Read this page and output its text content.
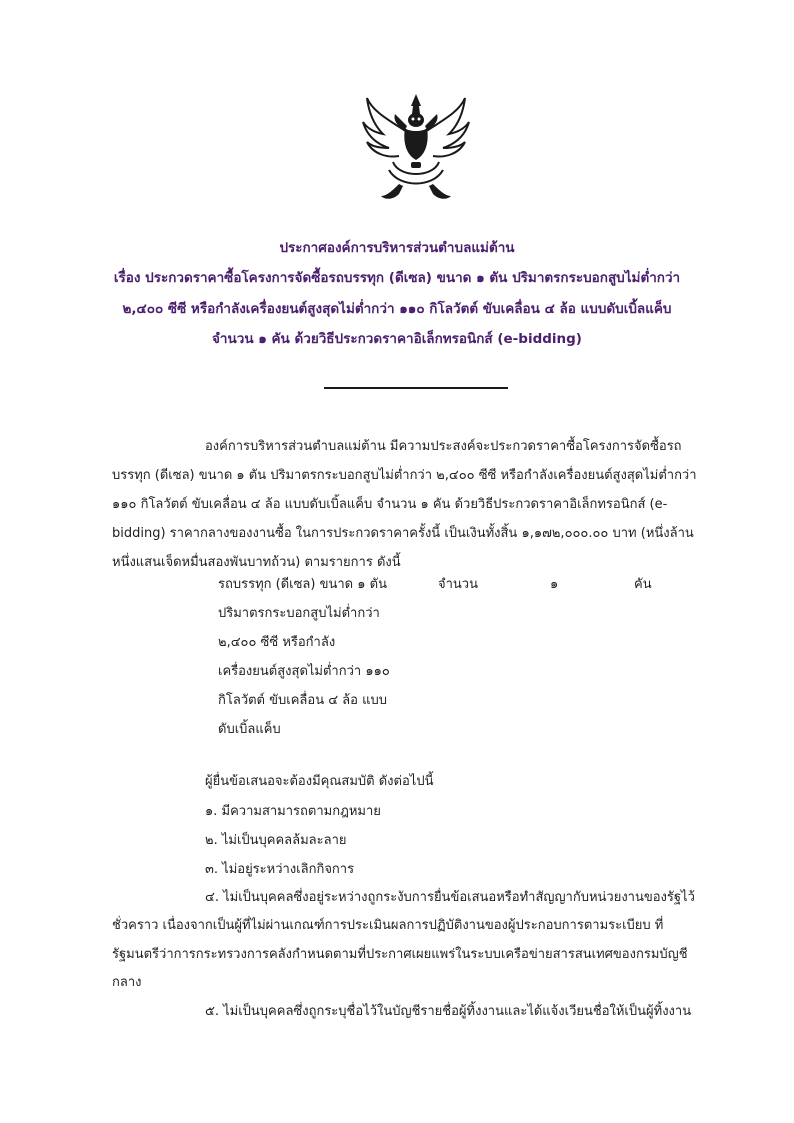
ประกาศองค์การบริหารส่วนตำบลแม่ต้าน
เรื่อง ประกวดราคาซื้อโครงการจัดซื้อรถบรรทุก (ดีเซล) ขนาด ๑ ตัน ปริมาตรกระบอกสูบไม่ต่ำกว่า
๒,๔๐๐ ซีซี หรือกำลังเครื่องยนต์สูงสุดไม่ต่ำกว่า ๑๑๐ กิโลวัตต์ ขับเคลื่อน ๔ ล้อ แบบดับเบิ้ลแค็บ
จำนวน ๑ คัน ด้วยวิธีประกวดราคาอิเล็กทรอนิกส์ (e-bidding)
องค์การบริหารส่วนตำบลแม่ต้าน มีความประสงค์จะประกวดราคาซื้อโครงการจัดซื้อรถ
บรรทุก (ดีเซล) ขนาด ๑ ตัน ปริมาตรกระบอกสูบไม่ต่ำกว่า ๒,๔๐๐ ซีซี หรือกำลังเครื่องยนต์สูงสุดไม่ต่ำกว่า
๑๑๐ กิโลวัตต์ ขับเคลื่อน ๔ ล้อ แบบดับเบิ้ลแค็บ จำนวน ๑ คัน ด้วยวิธีประกวดราคาอิเล็กทรอนิกส์ (e-
bidding) ราคากลางของงานซื้อ ในการประกวดราคาครั้งนี้ เป็นเงินทั้งสิ้น ๑,๑๗๒,๐๐๐.๐๐ บาท (หนึ่งล้าน
หนึ่งแสนเจ็ดหมื่นสองพันบาทถ้วน) ตามรายการ ดังนี้
รถบรรทุก (ดีเซล) ขนาด ๑ ตัน
ปริมาตรกระบอกสูบไม่ต่ำกว่า
๒,๔๐๐ ซีซี หรือกำลัง
เครื่องยนต์สูงสุดไม่ต่ำกว่า ๑๑๐
กิโลวัตต์ ขับเคลื่อน ๔ ล้อ แบบ
ดับเบิ้ลแค็บ
จำนวน	๑	คัน
ผู้ยื่นข้อเสนอจะต้องมีคุณสมบัติ ดังต่อไปนี้
๑. มีความสามารถตามกฎหมาย
๒. ไม่เป็นบุคคลล้มละลาย
๓. ไม่อยู่ระหว่างเลิกกิจการ
๔. ไม่เป็นบุคคลซึ่งอยู่ระหว่างถูกระงับการยื่นข้อเสนอหรือทำสัญญากับหน่วยงานของรัฐไว้
ชั่วคราว เนื่องจากเป็นผู้ที่ไม่ผ่านเกณฑ์การประเมินผลการปฏิบัติงานของผู้ประกอบการตามระเบียบ ที่
รัฐมนตรีว่าการกระทรวงการคลังกำหนดตามที่ประกาศเผยแพร่ในระบบเครือข่ายสารสนเทศของกรมบัญชี
กลาง
๕. ไม่เป็นบุคคลซึ่งถูกระบุชื่อไว้ในบัญชีรายชื่อผู้ทิ้งงานและได้แจ้งเวียนชื่อให้เป็นผู้ทิ้งงาน
